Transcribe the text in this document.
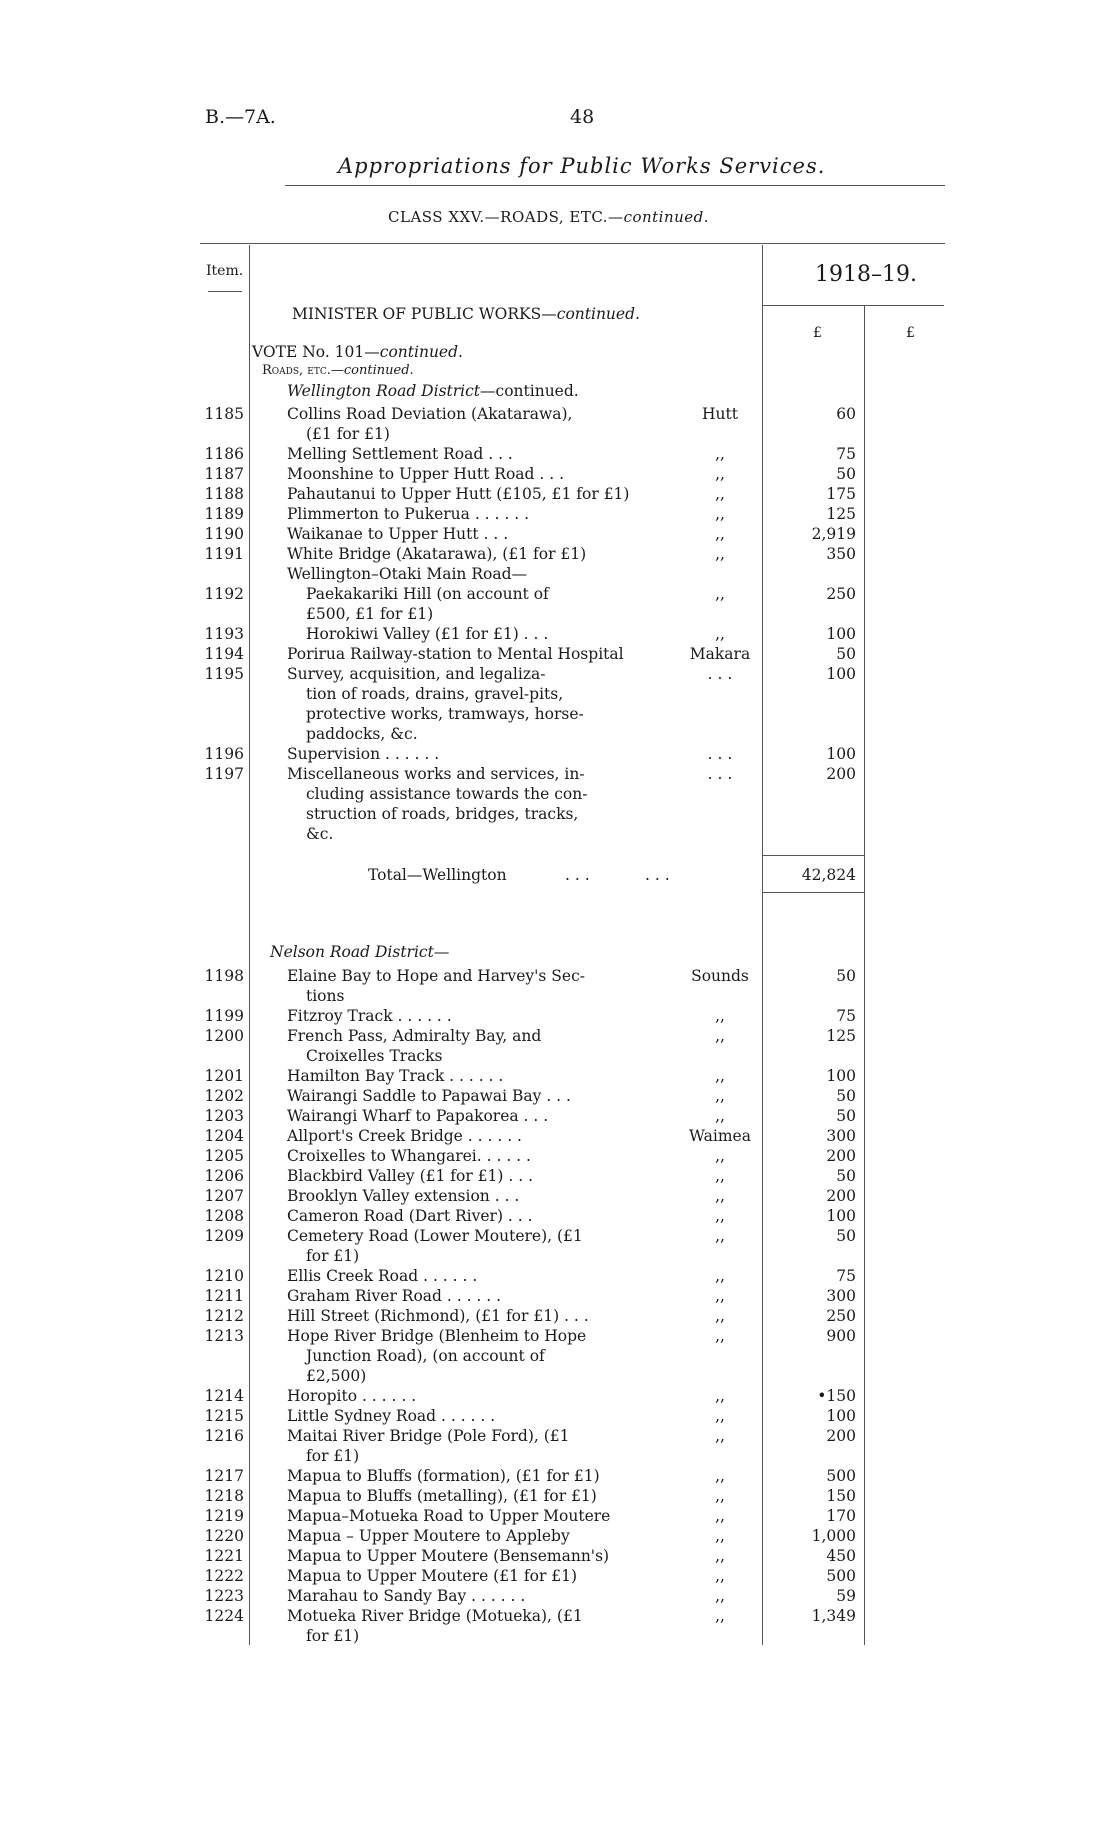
B.—7A.	48
Appropriations for Public Works Services.
CLASS XXV.—ROADS, ETC.—continued.
Item.	1918–19.
£	£
MINISTER OF PUBLIC WORKS—continued.
VOTE No. 101—continued.
Roads, etc.—continued.
Wellington Road District—continued.
1185	Collins Road Deviation (Akatarawa),	Hutt	60
(£1 for £1)
1186	Melling Settlement Road . . .	,,	75
1187	Moonshine to Upper Hutt Road . . .	,,	50
1188	Pahautanui to Upper Hutt (£105, £1 for £1)	,,	175
1189	Plimmerton to Pukerua . . . . . .	,,	125
1190	Waikanae to Upper Hutt . . .	,,	2,919
1191	White Bridge (Akatarawa), (£1 for £1)	,,	350
Wellington–Otaki Main Road—
1192	Paekakariki Hill (on account of	,,	250
£500, £1 for £1)
1193	Horokiwi Valley (£1 for £1) . . .	,,	100
1194	Porirua Railway-station to Mental Hospital	Makara	50
1195	Survey, acquisition, and legaliza-	. . .	100
tion of roads, drains, gravel-pits,
protective works, tramways, horse-
paddocks, &c.
1196	Supervision . . . . . .	. . .	100
1197	Miscellaneous works and services, in-	. . .	200
cluding assistance towards the con-
struction of roads, bridges, tracks,
&c.
Total—Wellington	. . .	. . .	42,824
Nelson Road District—
1198	Elaine Bay to Hope and Harvey's Sec-	Sounds	50
tions
1199	Fitzroy Track . . . . . .	,,	75
1200	French Pass, Admiralty Bay, and	,,	125
Croixelles Tracks
1201	Hamilton Bay Track . . . . . .	,,	100
1202	Wairangi Saddle to Papawai Bay . . .	,,	50
1203	Wairangi Wharf to Papakorea . . .	,,	50
1204	Allport's Creek Bridge . . . . . .	Waimea	300
1205	Croixelles to Whangarei. . . . . .	,,	200
1206	Blackbird Valley (£1 for £1) . . .	,,	50
1207	Brooklyn Valley extension . . .	,,	200
1208	Cameron Road (Dart River) . . .	,,	100
1209	Cemetery Road (Lower Moutere), (£1	,,	50
for £1)
1210	Ellis Creek Road . . . . . .	,,	75
1211	Graham River Road . . . . . .	,,	300
1212	Hill Street (Richmond), (£1 for £1) . . .	,,	250
1213	Hope River Bridge (Blenheim to Hope	,,	900
Junction Road), (on account of
£2,500)
1214	Horopito . . . . . .	,,	•150
1215	Little Sydney Road . . . . . .	,,	100
1216	Maitai River Bridge (Pole Ford), (£1	,,	200
for £1)
1217	Mapua to Bluffs (formation), (£1 for £1)	,,	500
1218	Mapua to Bluffs (metalling), (£1 for £1)	,,	150
1219	Mapua–Motueka Road to Upper Moutere	,,	170
1220	Mapua – Upper Moutere to Appleby	,,	1,000
1221	Mapua to Upper Moutere (Bensemann's)	,,	450
1222	Mapua to Upper Moutere (£1 for £1)	,,	500
1223	Marahau to Sandy Bay . . . . . .	,,	59
1224	Motueka River Bridge (Motueka), (£1	,,	1,349
for £1)
